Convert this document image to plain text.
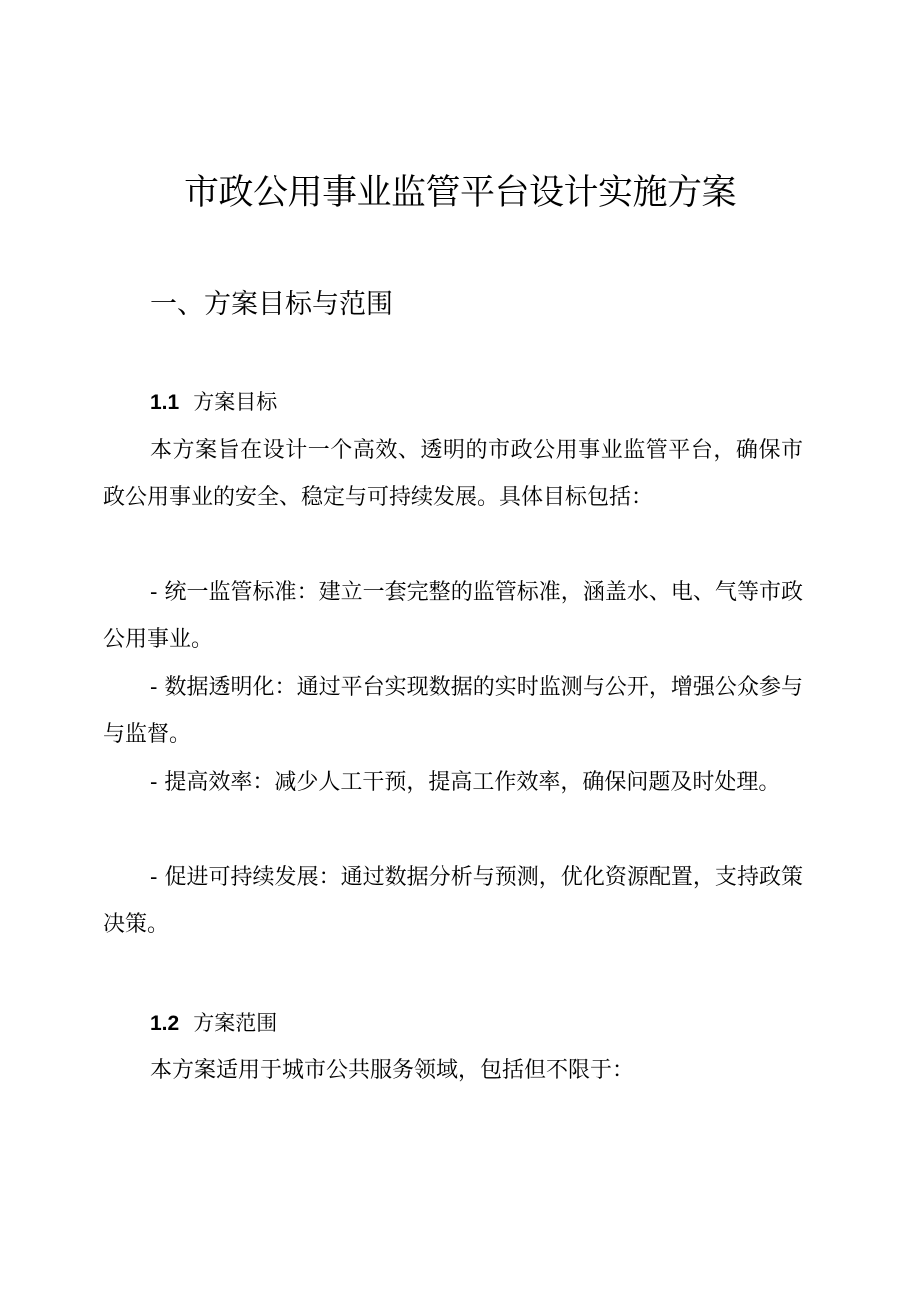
市政公用事业监管平台设计实施方案
一、方案目标与范围
1.1 方案目标

本方案旨在设计一个高效、透明的市政公用事业监管平台，确保市政公用事业的安全、稳定与可持续发展。具体目标包括：

- 统一监管标准：建立一套完整的监管标准，涵盖水、电、气等市政公用事业。

- 数据透明化：通过平台实现数据的实时监测与公开，增强公众参与与监督。

- 提高效率：减少人工干预，提高工作效率，确保问题及时处理。

- 促进可持续发展：通过数据分析与预测，优化资源配置，支持政策决策。

1.2 方案范围

本方案适用于城市公共服务领域，包括但不限于：
